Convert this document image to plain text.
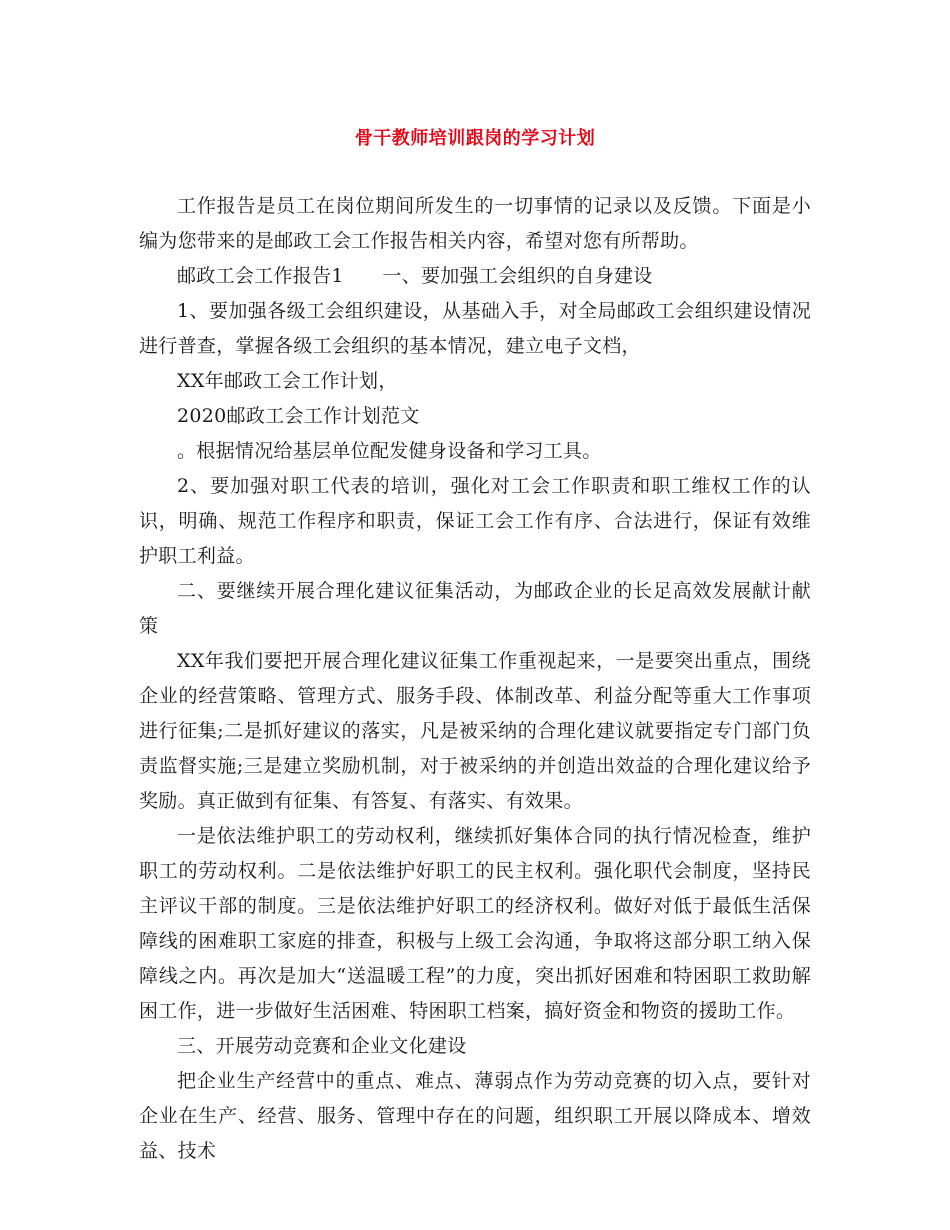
骨干教师培训跟岗的学习计划

工作报告是员工在岗位期间所发生的一切事情的记录以及反馈。下面是小编为您带来的是邮政工会工作报告相关内容，希望对您有所帮助。

邮政工会工作报告1　　一、要加强工会组织的自身建设

1、要加强各级工会组织建设，从基础入手，对全局邮政工会组织建设情况进行普查，掌握各级工会组织的基本情况，建立电子文档，

XX年邮政工会工作计划，

2020邮政工会工作计划范文

。根据情况给基层单位配发健身设备和学习工具。

2、要加强对职工代表的培训，强化对工会工作职责和职工维权工作的认识，明确、规范工作程序和职责，保证工会工作有序、合法进行，保证有效维护职工利益。

二、要继续开展合理化建议征集活动，为邮政企业的长足高效发展献计献策

XX年我们要把开展合理化建议征集工作重视起来，一是要突出重点，围绕企业的经营策略、管理方式、服务手段、体制改革、利益分配等重大工作事项进行征集;二是抓好建议的落实，凡是被采纳的合理化建议就要指定专门部门负责监督实施;三是建立奖励机制，对于被采纳的并创造出效益的合理化建议给予奖励。真正做到有征集、有答复、有落实、有效果。

一是依法维护职工的劳动权利，继续抓好集体合同的执行情况检查，维护职工的劳动权利。二是依法维护好职工的民主权利。强化职代会制度，坚持民主评议干部的制度。三是依法维护好职工的经济权利。做好对低于最低生活保障线的困难职工家庭的排查，积极与上级工会沟通，争取将这部分职工纳入保障线之内。再次是加大“送温暖工程”的力度，突出抓好困难和特困职工救助解困工作，进一步做好生活困难、特困职工档案，搞好资金和物资的援助工作。

三、开展劳动竞赛和企业文化建设

把企业生产经营中的重点、难点、薄弱点作为劳动竞赛的切入点，要针对企业在生产、经营、服务、管理中存在的问题，组织职工开展以降成本、增效益、技术
